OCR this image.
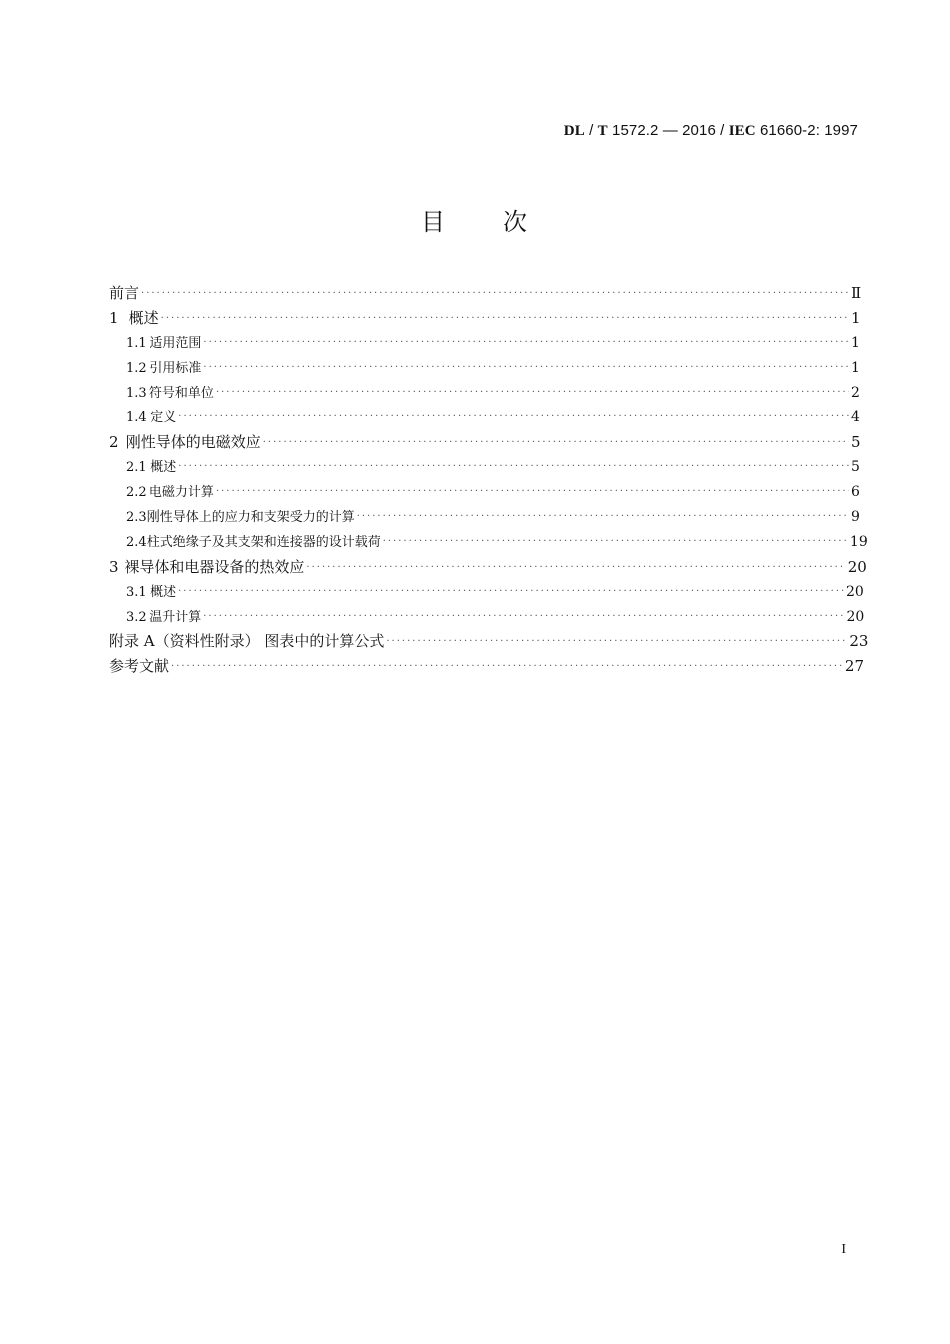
DL / T 1572.2 — 2016 / IEC 61660-2: 1997
目 次
前言 ·····	Ⅱ
1 概述 ·····	1
1.1 适用范围 ·····	1
1.2 引用标准 ·····	1
1.3 符号和单位 ·····	2
1.4 定义 ·····	4
2 刚性导体的电磁效应 ·····	5
2.1 概述 ·····	5
2.2 电磁力计算 ·····	6
2.3 刚性导体上的应力和支架受力的计算 ·····	9
2.4 柱式绝缘子及其支架和连接器的设计载荷 ·····	19
3 裸导体和电器设备的热效应 ·····	20
3.1 概述 ·····	20
3.2 温升计算 ·····	20
附录 A（资料性附录） 图表中的计算公式 ·····	23
参考文献 ·····	27
I
